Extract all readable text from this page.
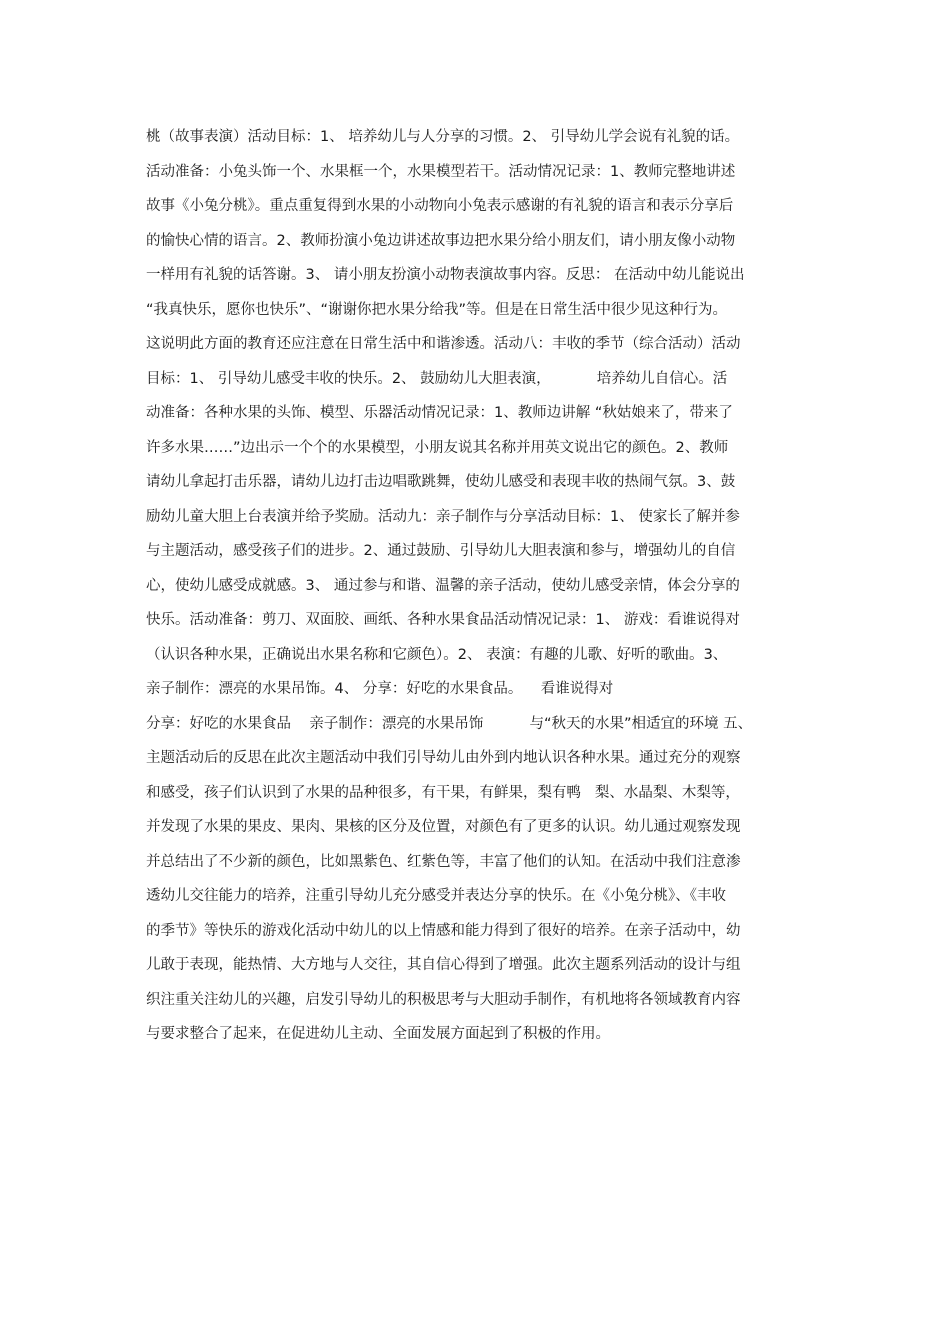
桃（故事表演）活动目标：1、 培养幼儿与人分享的习惯。2、 引导幼儿学会说有礼貌的话。
活动准备：小兔头饰一个、水果框一个，水果模型若干。活动情况记录：1、教师完整地讲述
故事《小兔分桃》。重点重复得到水果的小动物向小兔表示感谢的有礼貌的语言和表示分享后
的愉快心情的语言。2、教师扮演小兔边讲述故事边把水果分给小朋友们，请小朋友像小动物
一样用有礼貌的话答谢。3、 请小朋友扮演小动物表演故事内容。反思： 在活动中幼儿能说出
“我真快乐，愿你也快乐”、“谢谢你把水果分给我”等。但是在日常生活中很少见这种行为。
这说明此方面的教育还应注意在日常生活中和谐渗透。活动八：丰收的季节（综合活动）活动
目标：1、 引导幼儿感受丰收的快乐。2、 鼓励幼儿大胆表演，          培养幼儿自信心。活
动准备：各种水果的头饰、模型、乐器活动情况记录：1、教师边讲解 “秋姑娘来了，带来了
许多水果……”边出示一个个的水果模型，小朋友说其名称并用英文说出它的颜色。2、教师
请幼儿拿起打击乐器，请幼儿边打击边唱歌跳舞，使幼儿感受和表现丰收的热闹气氛。3、鼓
励幼儿童大胆上台表演并给予奖励。活动九：亲子制作与分享活动目标：1、 使家长了解并参
与主题活动，感受孩子们的进步。2、通过鼓励、引导幼儿大胆表演和参与，增强幼儿的自信
心，使幼儿感受成就感。3、 通过参与和谐、温馨的亲子活动，使幼儿感受亲情，体会分享的
快乐。活动准备：剪刀、双面胶、画纸、各种水果食品活动情况记录：1、 游戏：看谁说得对
（认识各种水果，正确说出水果名称和它颜色）。2、 表演：有趣的儿歌、好听的歌曲。3、
亲子制作：漂亮的水果吊饰。4、 分享：好吃的水果食品。    看谁说得对
分享：好吃的水果食品    亲子制作：漂亮的水果吊饰          与“秋天的水果”相适宜的环境 五、
主题活动后的反思在此次主题活动中我们引导幼儿由外到内地认识各种水果。通过充分的观察
和感受，孩子们认识到了水果的品种很多，有干果，有鲜果，梨有鸭   梨、水晶梨、木梨等，
并发现了水果的果皮、果肉、果核的区分及位置，对颜色有了更多的认识。幼儿通过观察发现
并总结出了不少新的颜色，比如黑紫色、红紫色等，丰富了他们的认知。在活动中我们注意渗
透幼儿交往能力的培养，注重引导幼儿充分感受并表达分享的快乐。在《小兔分桃》、《丰收
的季节》等快乐的游戏化活动中幼儿的以上情感和能力得到了很好的培养。在亲子活动中，幼
儿敢于表现，能热情、大方地与人交往，其自信心得到了增强。此次主题系列活动的设计与组
织注重关注幼儿的兴趣，启发引导幼儿的积极思考与大胆动手制作，有机地将各领域教育内容
与要求整合了起来，在促进幼儿主动、全面发展方面起到了积极的作用。
